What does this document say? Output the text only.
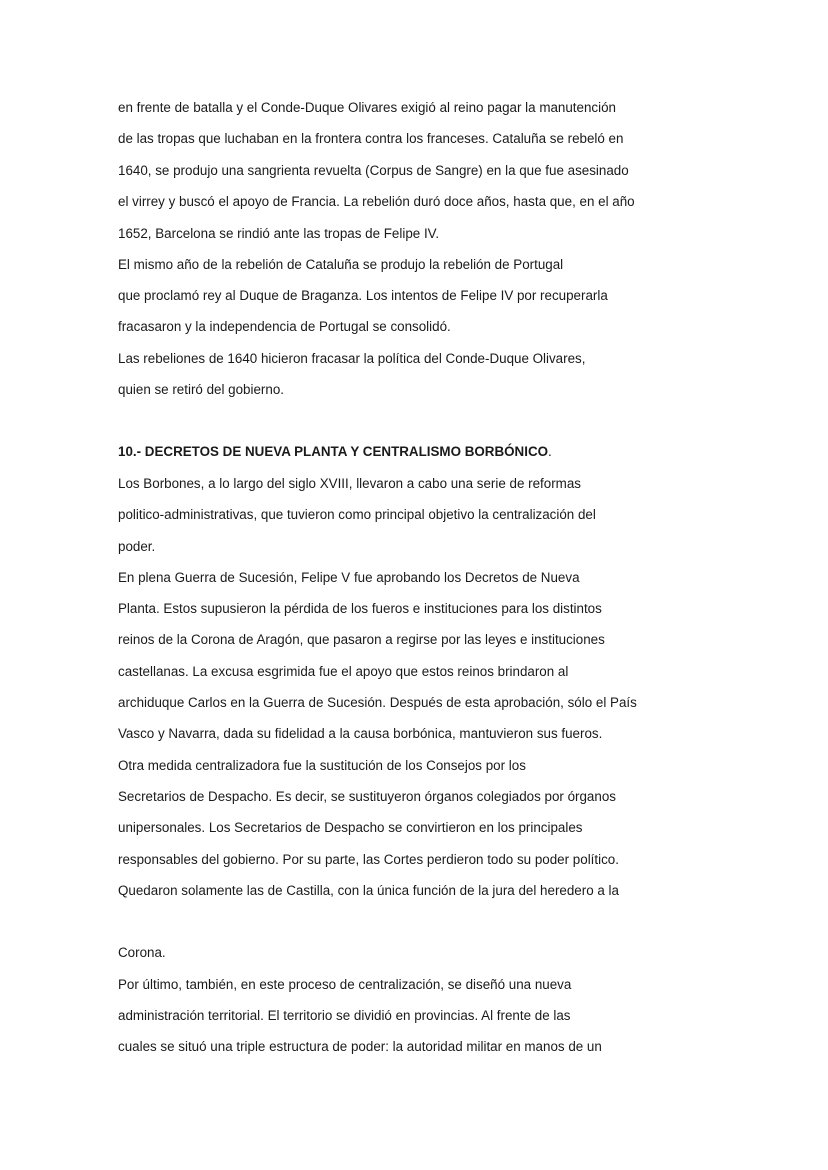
en frente de batalla y el Conde-Duque Olivares exigió al reino pagar la manutención
de las tropas que luchaban en la frontera contra los franceses. Cataluña se rebeló en
1640, se produjo una sangrienta revuelta (Corpus de Sangre) en la que fue asesinado
el virrey y buscó el apoyo de Francia. La rebelión duró doce años, hasta que, en el año
1652, Barcelona se rindió ante las tropas de Felipe IV.
El mismo año de la rebelión de Cataluña se produjo la rebelión de Portugal
que proclamó rey al Duque de Braganza. Los intentos de Felipe IV por recuperarla
fracasaron y la independencia de Portugal se consolidó.
Las rebeliones de 1640 hicieron fracasar la política del Conde-Duque Olivares,
quien se retiró del gobierno.
10.- DECRETOS DE NUEVA PLANTA Y CENTRALISMO BORBÓNICO.
Los Borbones, a lo largo del siglo XVIII, llevaron a cabo una serie de reformas
politico-administrativas, que tuvieron como principal objetivo la centralización del
poder.
En plena Guerra de Sucesión, Felipe V fue aprobando los Decretos de Nueva
Planta. Estos supusieron la pérdida de los fueros e instituciones para los distintos
reinos de la Corona de Aragón, que pasaron a regirse por las leyes e instituciones
castellanas. La excusa esgrimida fue el apoyo que estos reinos brindaron al
archiduque Carlos en la Guerra de Sucesión. Después de esta aprobación, sólo el País
Vasco y Navarra, dada su fidelidad a la causa borbónica, mantuvieron sus fueros.
Otra medida centralizadora fue la sustitución de los Consejos por los
Secretarios de Despacho. Es decir, se sustituyeron órganos colegiados por órganos
unipersonales. Los Secretarios de Despacho se convirtieron en los principales
responsables del gobierno. Por su parte, las Cortes perdieron todo su poder político.
Quedaron solamente las de Castilla, con la única función de la jura del heredero a la
Corona.
Por último, también, en este proceso de centralización, se diseñó una nueva
administración territorial. El territorio se dividió en provincias. Al frente de las
cuales se situó una triple estructura de poder: la autoridad militar en manos de un
